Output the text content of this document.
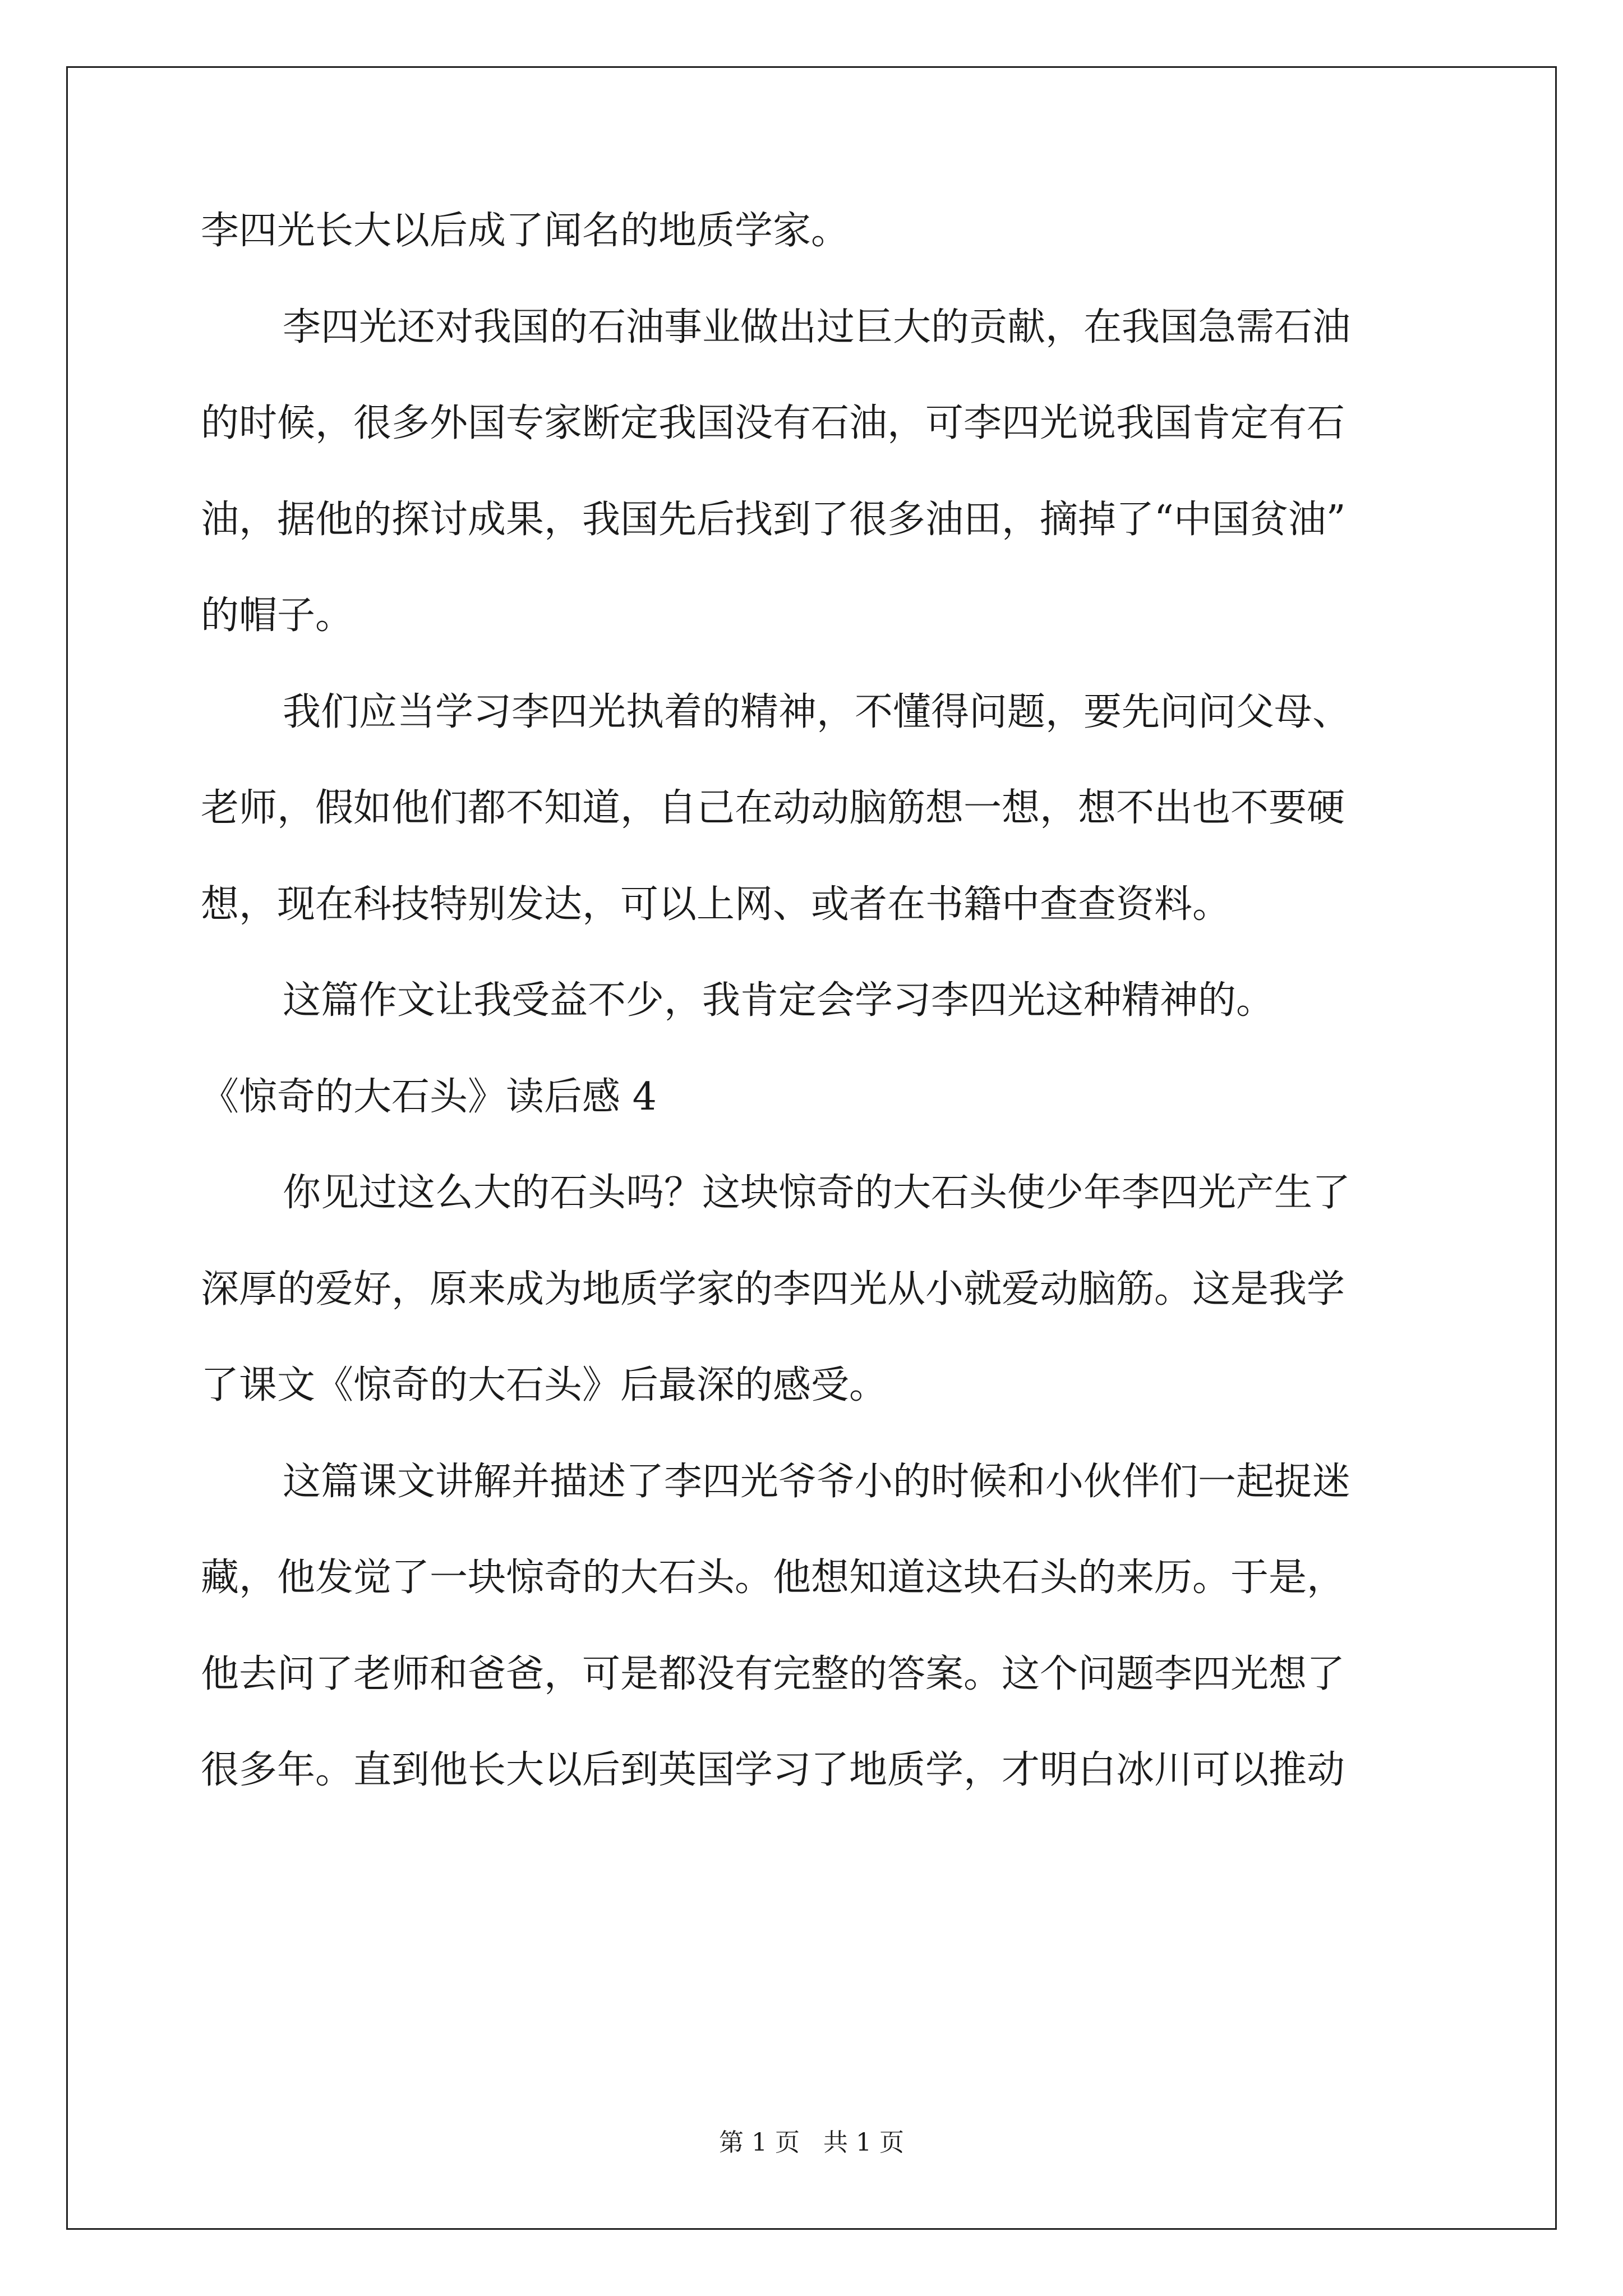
李四光长大以后成了闻名的地质学家。
李四光还对我国的石油事业做出过巨大的贡献，在我国急需石油
的时候，很多外国专家断定我国没有石油，可李四光说我国肯定有石
油，据他的探讨成果，我国先后找到了很多油田，摘掉了“中国贫油”
的帽子。
我们应当学习李四光执着的精神，不懂得问题，要先问问父母、
老师，假如他们都不知道，自己在动动脑筋想一想，想不出也不要硬
想，现在科技特别发达，可以上网、或者在书籍中查查资料。
这篇作文让我受益不少，我肯定会学习李四光这种精神的。
《惊奇的大石头》读后感 4
你见过这么大的石头吗？这块惊奇的大石头使少年李四光产生了
深厚的爱好，原来成为地质学家的李四光从小就爱动脑筋。这是我学
了课文《惊奇的大石头》后最深的感受。
这篇课文讲解并描述了李四光爷爷小的时候和小伙伴们一起捉迷
藏，他发觉了一块惊奇的大石头。他想知道这块石头的来历。于是，
他去问了老师和爸爸，可是都没有完整的答案。这个问题李四光想了
很多年。直到他长大以后到英国学习了地质学，才明白冰川可以推动
第 1 页   共 1 页
